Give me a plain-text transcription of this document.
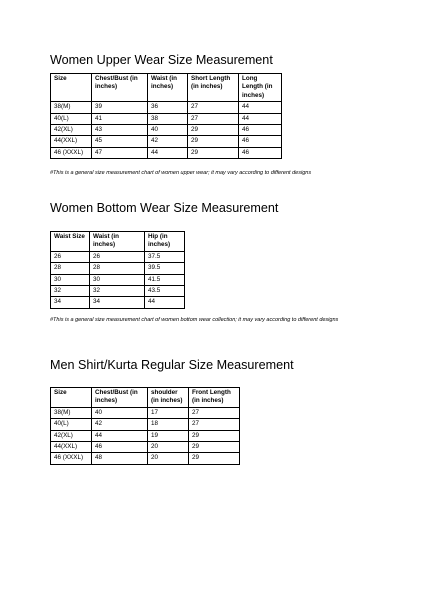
Women Upper Wear Size Measurement
Size	Chest/Bust (in inches)	Waist (in inches)	Short Length (in inches)	Long Length (in inches)
38(M)	39	36	27	44
40(L)	41	38	27	44
42(XL)	43	40	29	46
44(XXL)	45	42	29	46
46 (XXXL)	47	44	29	46

#This is a general size measurement chart of women upper wear; it may vary according to different designs

Women Bottom Wear Size Measurement
Waist Size	Waist (in inches)	Hip (in inches)
26	26	37.5
28	28	39.5
30	30	41.5
32	32	43.5
34	34	44

#This is a general size measurement chart of women bottom wear collection; it may vary according to different designs

Men Shirt/Kurta Regular Size Measurement
Size	Chest/Bust (in inches)	shoulder (in inches)	Front Length (in inches)
38(M)	40	17	27
40(L)	42	18	27
42(XL)	44	19	29
44(XXL)	46	20	29
46 (XXXL)	48	20	29
